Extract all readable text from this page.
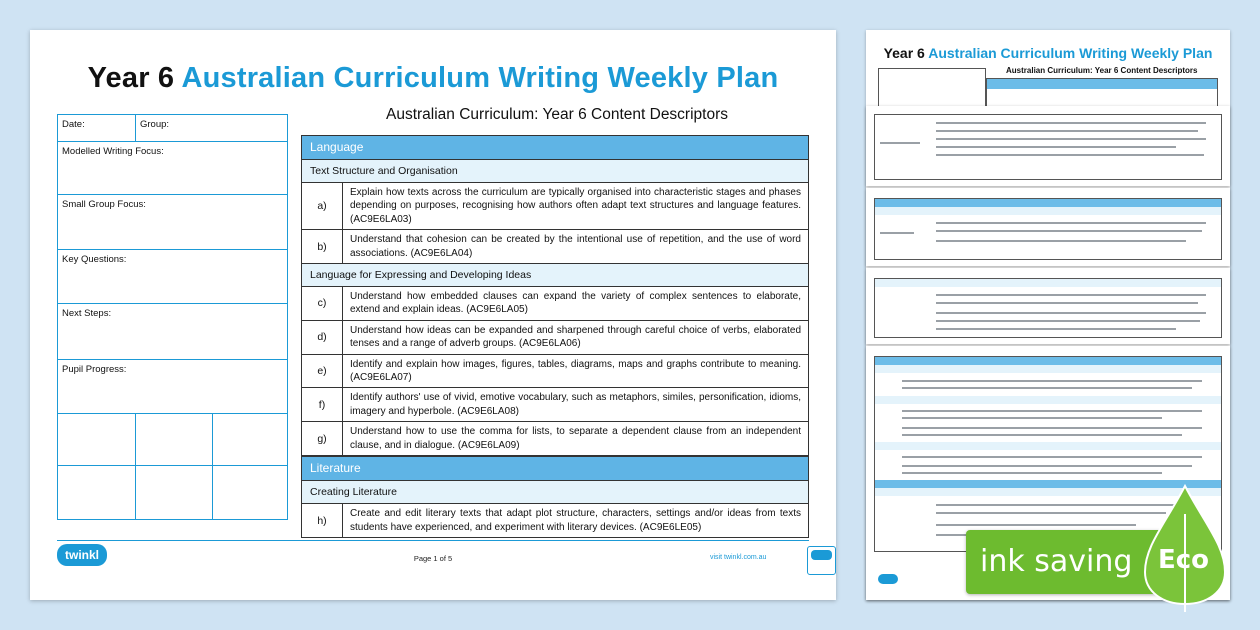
Year 6 Australian Curriculum Writing Weekly Plan
Date:	Group:
Modelled Writing Focus:
Small Group Focus:
Key Questions:
Next Steps:
Pupil Progress:
Australian Curriculum: Year 6 Content Descriptors
Language
Text Structure and Organisation
a)
Explain how texts across the curriculum are typically organised into characteristic stages and phases depending on purposes, recognising how authors often adapt text structures and language features. (AC9E6LA03)
b)
Understand that cohesion can be created by the intentional use of repetition, and the use of word associations. (AC9E6LA04)
Language for Expressing and Developing Ideas
c)
Understand how embedded clauses can expand the variety of complex sentences to elaborate, extend and explain ideas. (AC9E6LA05)
d)
Understand how ideas can be expanded and sharpened through careful choice of verbs, elaborated tenses and a range of adverb groups. (AC9E6LA06)
e)
Identify and explain how images, figures, tables, diagrams, maps and graphs contribute to meaning. (AC9E6LA07)
f)
Identify authors' use of vivid, emotive vocabulary, such as metaphors, similes, personification, idioms, imagery and hyperbole. (AC9E6LA08)
g)
Understand how to use the comma for lists, to separate a dependent clause from an independent clause, and in dialogue. (AC9E6LA09)
Literature
Creating Literature
h)
Create and edit literary texts that adapt plot structure, characters, settings and/or ideas from texts students have experienced, and experiment with literary devices. (AC9E6LE05)
twinkl	Page 1 of 5	visit twinkl.com.au
Year 6 Australian Curriculum Writing Weekly Plan
Australian Curriculum: Year 6 Content Descriptors
ink saving Eco
